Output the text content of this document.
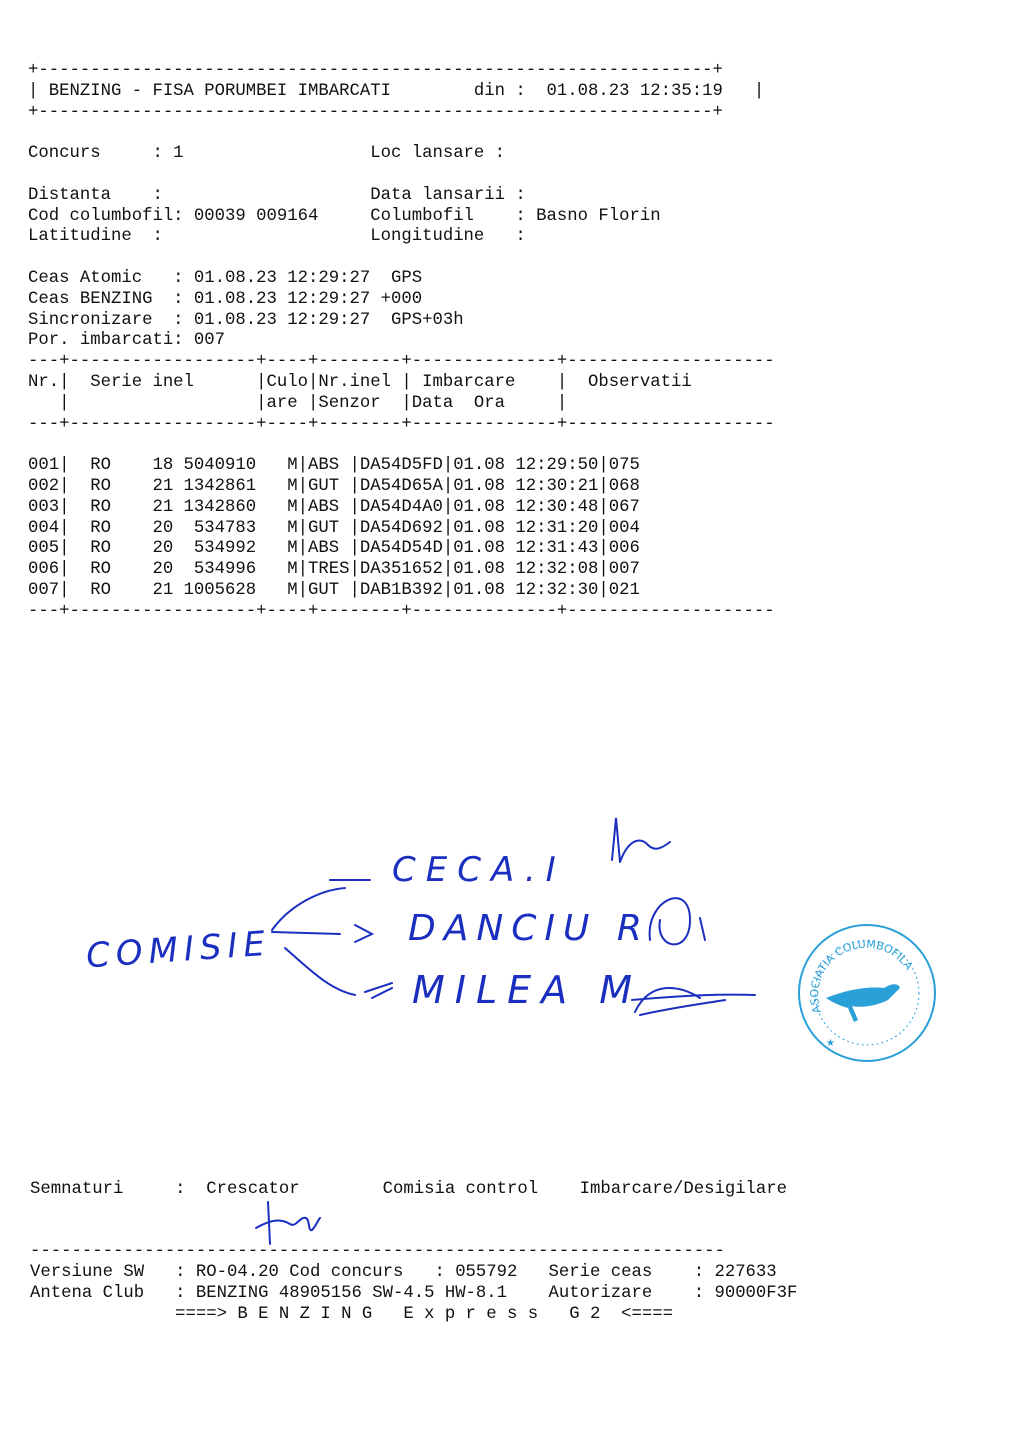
+-----------------------------------------------------------------+
| BENZING - FISA PORUMBEI IMBARCATI        din :  01.08.23 12:35:19   |
+-----------------------------------------------------------------+

Concurs     : 1                  Loc lansare :

Distanta    :                    Data lansarii :
Cod columbofil: 00039 009164     Columbofil    : Basno Florin
Latitudine  :                    Longitudine   :

Ceas Atomic   : 01.08.23 12:29:27  GPS
Ceas BENZING  : 01.08.23 12:29:27 +000
Sincronizare  : 01.08.23 12:29:27  GPS+03h
Por. imbarcati: 007
---+------------------+----+--------+--------------+--------------------
Nr.|  Serie inel      |Culo|Nr.inel | Imbarcare    |  Observatii
|                  |are |Senzor  |Data  Ora     |
---+------------------+----+--------+--------------+--------------------

001|  RO    18 5040910   M|ABS |DA54D5FD|01.08 12:29:50|075
002|  RO    21 1342861   M|GUT |DA54D65A|01.08 12:30:21|068
003|  RO    21 1342860   M|ABS |DA54D4A0|01.08 12:30:48|067
004|  RO    20  534783   M|GUT |DA54D692|01.08 12:31:20|004
005|  RO    20  534992   M|ABS |DA54D54D|01.08 12:31:43|006
006|  RO    20  534996   M|TRES|DA351652|01.08 12:32:08|007
007|  RO    21 1005628   M|GUT |DAB1B392|01.08 12:32:30|021
---+------------------+----+--------+--------------+--------------------

COMISIE
CECA.I
DANCIU R
MILEA M	ASOCIATIA COLUMBOFILA
★
Semnaturi     :  Crescator        Comisia control    Imbarcare/Desigilare

-------------------------------------------------------------------
Versiune SW   : RO-04.20 Cod concurs   : 055792   Serie ceas    : 227633
Antena Club   : BENZING 48905156 SW-4.5 HW-8.1    Autorizare    : 90000F3F
====> B E N Z I N G   E x p r e s s   G 2  <====
